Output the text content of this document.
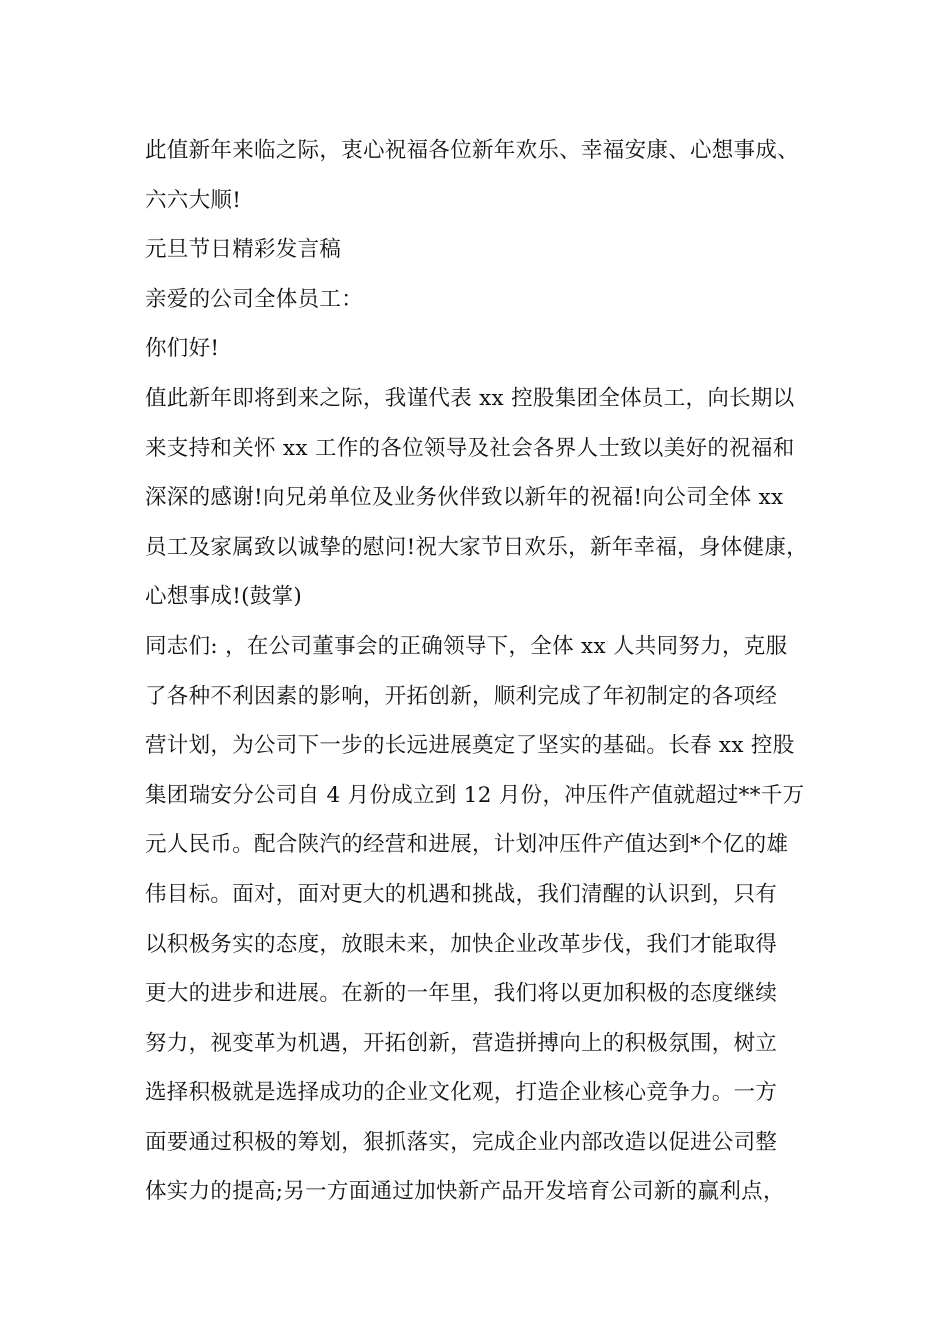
此值新年来临之际，衷心祝福各位新年欢乐、幸福安康、心想事成、
六六大顺!
元旦节日精彩发言稿
亲爱的公司全体员工：
你们好!
值此新年即将到来之际，我谨代表 xx 控股集团全体员工，向长期以
来支持和关怀 xx 工作的各位领导及社会各界人士致以美好的祝福和
深深的感谢!向兄弟单位及业务伙伴致以新年的祝福!向公司全体 xx
员工及家属致以诚挚的慰问!祝大家节日欢乐，新年幸福，身体健康，
心想事成!(鼓掌)
同志们: ，在公司董事会的正确领导下，全体 xx 人共同努力，克服
了各种不利因素的影响，开拓创新，顺利完成了年初制定的各项经
营计划，为公司下一步的长远进展奠定了坚实的基础。长春 xx 控股
集团瑞安分公司自 4 月份成立到 12 月份，冲压件产值就超过**千万
元人民币。配合陕汽的经营和进展，计划冲压件产值达到*个亿的雄
伟目标。面对，面对更大的机遇和挑战，我们清醒的认识到，只有
以积极务实的态度，放眼未来，加快企业改革步伐，我们才能取得
更大的进步和进展。在新的一年里，我们将以更加积极的态度继续
努力，视变革为机遇，开拓创新，营造拼搏向上的积极氛围，树立
选择积极就是选择成功的企业文化观，打造企业核心竞争力。一方
面要通过积极的筹划，狠抓落实，完成企业内部改造以促进公司整
体实力的提高;另一方面通过加快新产品开发培育公司新的赢利点，
